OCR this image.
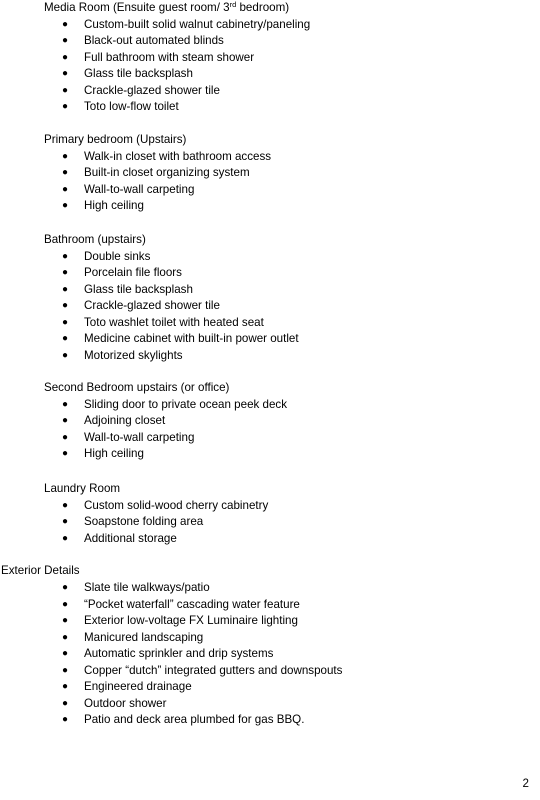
Media Room (Ensuite guest room/ 3rd bedroom)
●	Custom-built solid walnut cabinetry/paneling
●	Black-out automated blinds
●	Full bathroom with steam shower
●	Glass tile backsplash
●	Crackle-glazed shower tile
●	Toto low-flow toilet
Primary bedroom (Upstairs)
●	Walk-in closet with bathroom access
●	Built-in closet organizing system
●	Wall-to-wall carpeting
●	High ceiling
Bathroom (upstairs)
●	Double sinks
●	Porcelain file floors
●	Glass tile backsplash
●	Crackle-glazed shower tile
●	Toto washlet toilet with heated seat
●	Medicine cabinet with built-in power outlet
●	Motorized skylights
Second Bedroom upstairs (or office)
●	Sliding door to private ocean peek deck
●	Adjoining closet
●	Wall-to-wall carpeting
●	High ceiling
Laundry Room
●	Custom solid-wood cherry cabinetry
●	Soapstone folding area
●	Additional storage
Exterior Details
●	Slate tile walkways/patio
●	“Pocket waterfall” cascading water feature
●	Exterior low-voltage FX Luminaire lighting
●	Manicured landscaping
●	Automatic sprinkler and drip systems
●	Copper “dutch” integrated gutters and downspouts
●	Engineered drainage
●	Outdoor shower
●	Patio and deck area plumbed for gas BBQ.
2
